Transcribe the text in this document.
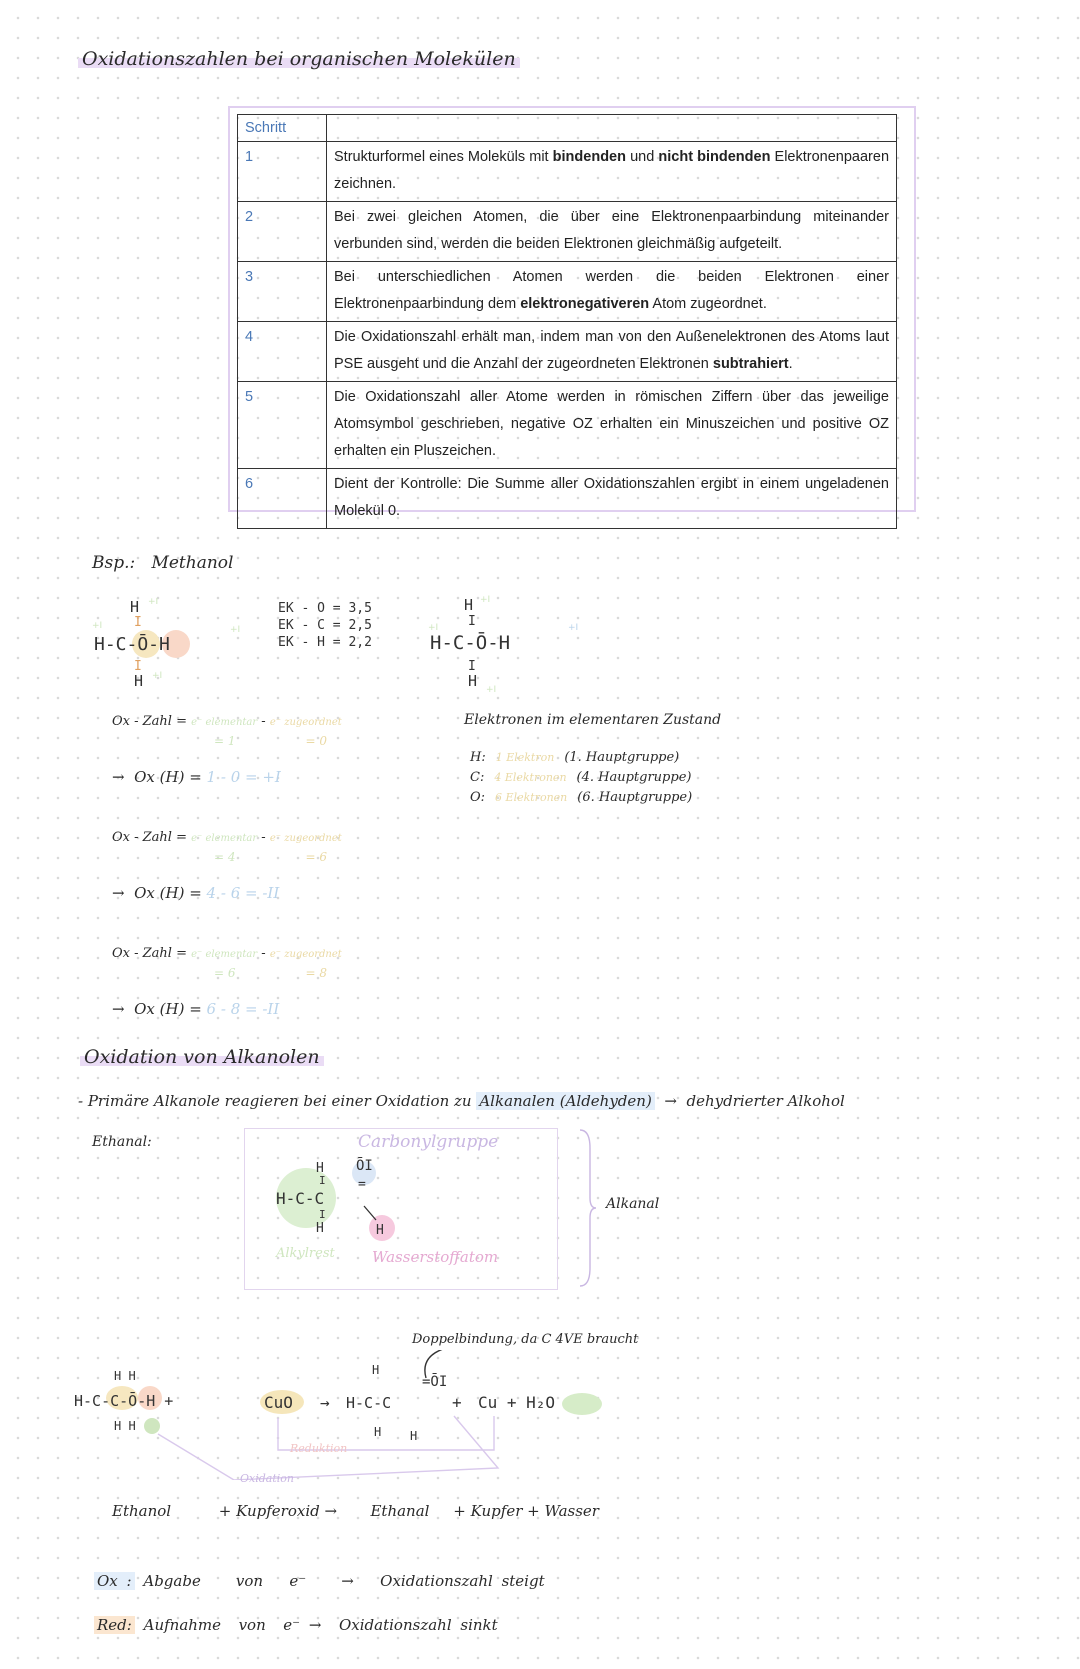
Oxidationszahlen bei organischen Molekülen
Schritt	
1	Strukturformel eines Moleküls mit bindenden und nicht bindenden Elektronenpaaren zeichnen.
2	Bei zwei gleichen Atomen, die über eine Elektronenpaarbindung miteinander verbunden sind, werden die beiden Elektronen gleichmäßig aufgeteilt.
3	Bei unterschiedlichen Atomen werden die beiden Elektronen einer Elektronenpaarbindung dem elektronegativeren Atom zugeordnet.
4	Die Oxidationszahl erhält man, indem man von den Außenelektronen des Atoms laut PSE ausgeht und die Anzahl der zugeordneten Elektronen subtrahiert.
5	Die Oxidationszahl aller Atome werden in römischen Ziffern über das jeweilige Atomsymbol geschrieben, negative OZ erhalten ein Minuszeichen und positive OZ erhalten ein Pluszeichen.
6	Dient der Kontrolle: Die Summe aller Oxidationszahlen ergibt in einem ungeladenen Molekül 0.
Bsp.: Methanol
H
I
H-C-Ō-H
I
H
+I
+I	+I
+I
EK - O = 3,5
EK - C = 2,5
EK - H = 2,2
H
I
H-C-Ō-H
I
H
+I
+I	+I
+I
Elektronen im elementaren Zustand
H: 1 Elektron (1. Hauptgruppe)
C: 4 Elektronen (4. Hauptgruppe)
O: 6 Elektronen (6. Hauptgruppe)
Ox - Zahl = e⁻ elementar - e⁻ zugeordnet
= 1	= 0
→  Ox (H) = 1 - 0 = +I
Ox - Zahl = e⁻ elementar - e⁻ zugeordnet
= 4	= 6
→  Ox (H) = 4 - 6 = -II
Ox - Zahl = e⁻ elementar - e⁻ zugeordnet
= 6	= 8
→  Ox (H) = 6 - 8 = -II
Oxidation von Alkanolen
- Primäre Alkanole reagieren bei einer Oxidation zu Alkanalen (Aldehyden) → dehydrierter Alkohol
Ethanal:
H
I
H-C-C
I
H
ŌI
=
H
Carbonylgruppe
Alkylrest Wasserstoffatom
Alkanal
Doppelbindung, da C 4VE braucht
H H
H-C-C-Ō-H +
H H
CuO →
H
H-C-C
=ŌI
H H
+ Cu + H₂O
Reduktion
Oxidation
Ethanol	+ Kupferoxid → Ethanal + Kupfer + Wasser
Ox : Abgabe von e⁻ → Oxidationszahl steigt
Red: Aufnahme von e⁻ → Oxidationszahl sinkt
